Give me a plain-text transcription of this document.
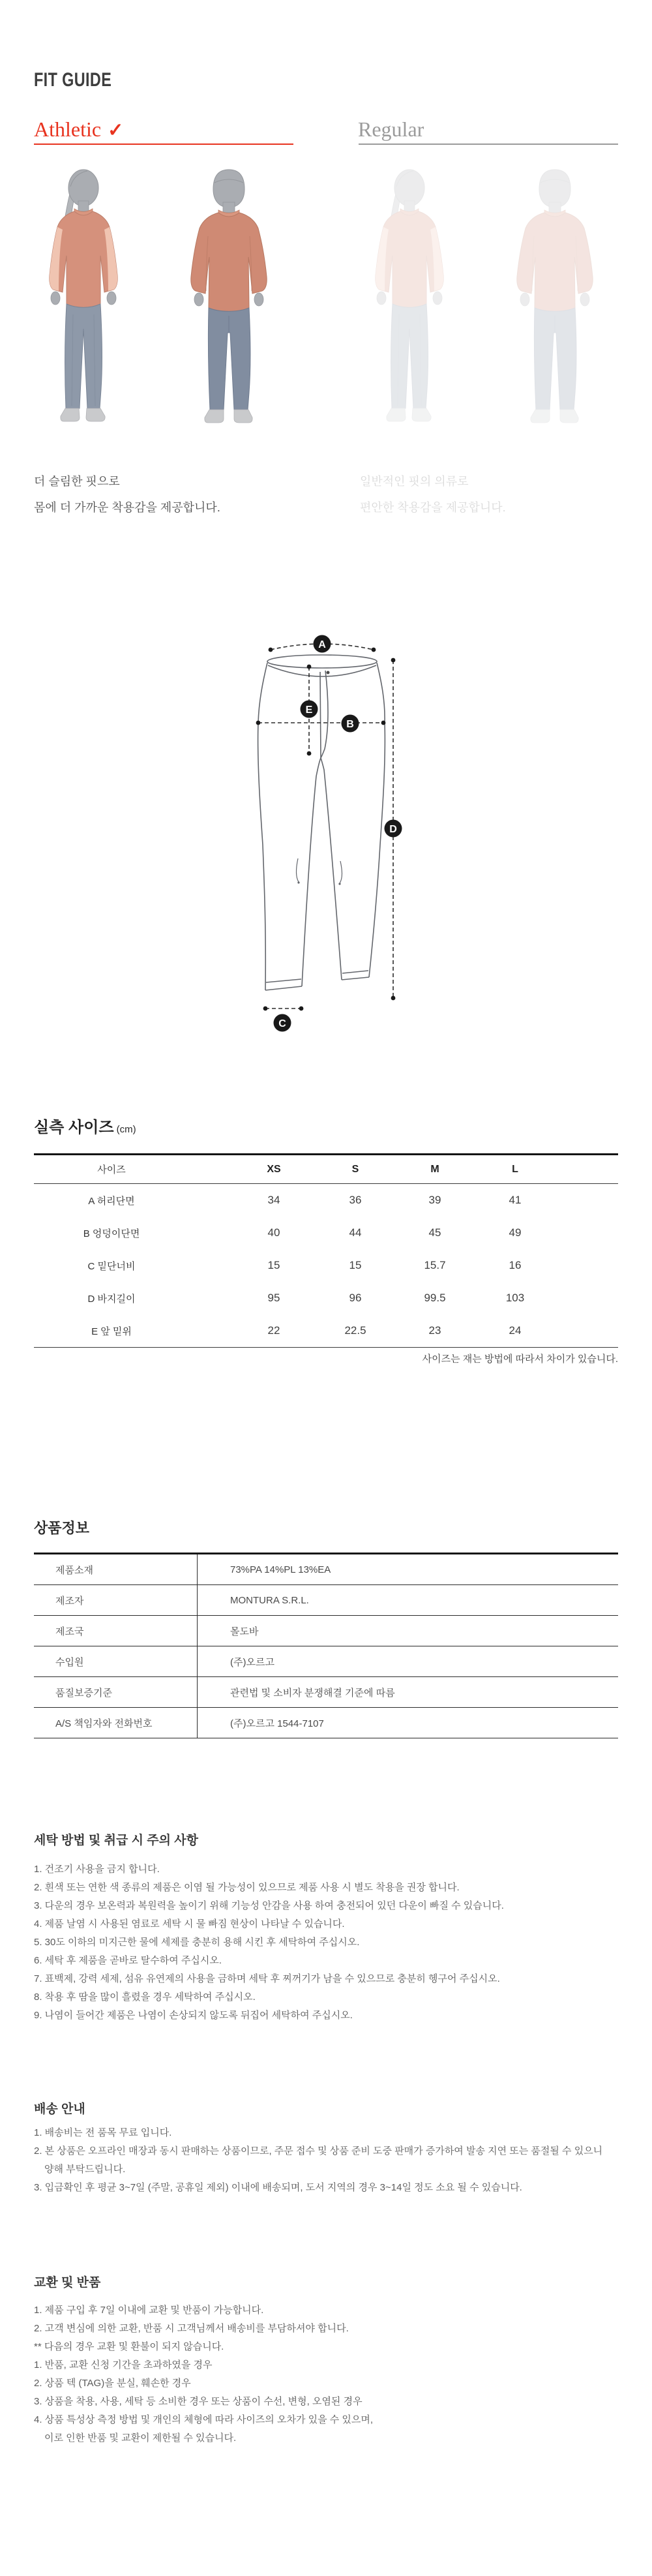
FIT GUIDE
Athletic ✓	Regular

더 슬림한 핏으로

몸에 더 가까운 착용감을 제공합니다.

일반적인 핏의 의류로

편안한 착용감을 제공합니다.

A
B
C
D
E
실측 사이즈 (cm)
사이즈	XS	S	M	L
A 허리단면	34	36	39	41
B 엉덩이단면	40	44	45	49
C 밑단너비	15	15	15.7	16
D 바지길이	95	96	99.5	103
E 앞 밑위	22	22.5	23	24
사이즈는 재는 방법에 따라서 차이가 있습니다.
상품정보
제품소재	73%PA 14%PL 13%EA
제조자	MONTURA S.R.L.
제조국	몰도바
수입원	(주)오르고
품질보증기준	관련법 및 소비자 분쟁해결 기준에 따름
A/S 책임자와 전화번호	(주)오르고 1544-7107
세탁 방법 및 취급 시 주의 사항

1. 건조기 사용을 금지 합니다.

2. 흰색 또는 연한 색 종류의 제품은 이염 될 가능성이 있으므로 제품 사용 시 별도 착용을 권장 합니다.

3. 다운의 경우 보온력과 복원력을 높이기 위해 기능성 안감을 사용 하여 충전되어 있던 다운이 빠질 수 있습니다.

4. 제품 날염 시 사용된 염료로 세탁 시 물 빠짐 현상이 나타날 수 있습니다.

5. 30도 이하의 미지근한 물에 세제를 충분히 용해 시킨 후 세탁하여 주십시오.

6. 세탁 후 제품을 곧바로 탈수하여 주십시오.

7. 표백제, 강력 세제, 섬유 유연제의 사용을 금하며 세탁 후 찌꺼기가 남을 수 있으므로 충분히 헹구어 주십시오.

8. 착용 후 땀을 많이 흘렸을 경우 세탁하여 주십시오.

9. 나염이 들어간 제품은 나염이 손상되지 않도록 뒤집어 세탁하여 주십시오.

배송 안내

1. 배송비는 전 품목 무료 입니다.

2. 본 상품은 오프라인 매장과 동시 판매하는 상품이므로, 주문 접수 및 상품 준비 도중 판매가 증가하여 발송 지연 또는 품절될 수 있으니

양해 부탁드립니다.

3. 입금확인 후 평균 3~7일 (주말, 공휴일 제외) 이내에 배송되며, 도서 지역의 경우 3~14일 정도 소요 될 수 있습니다.

교환 및 반품

1. 제품 구입 후 7일 이내에 교환 및 반품이 가능합니다.

2. 고객 변심에 의한 교환, 반품 시 고객님께서 배송비를 부담하셔야 합니다.

** 다음의 경우 교환 및 환불이 되지 않습니다.

1. 반품, 교환 신청 기간을 초과하였을 경우

2. 상품 텍 (TAG)을 분실, 훼손한 경우

3. 상품을 착용, 사용, 세탁 등 소비한 경우 또는 상품이 수선, 변형, 오염된 경우

4. 상품 특성상 측정 방법 및 개인의 체형에 따라 사이즈의 오차가 있을 수 있으며,

이로 인한 반품 및 교환이 제한될 수 있습니다.
